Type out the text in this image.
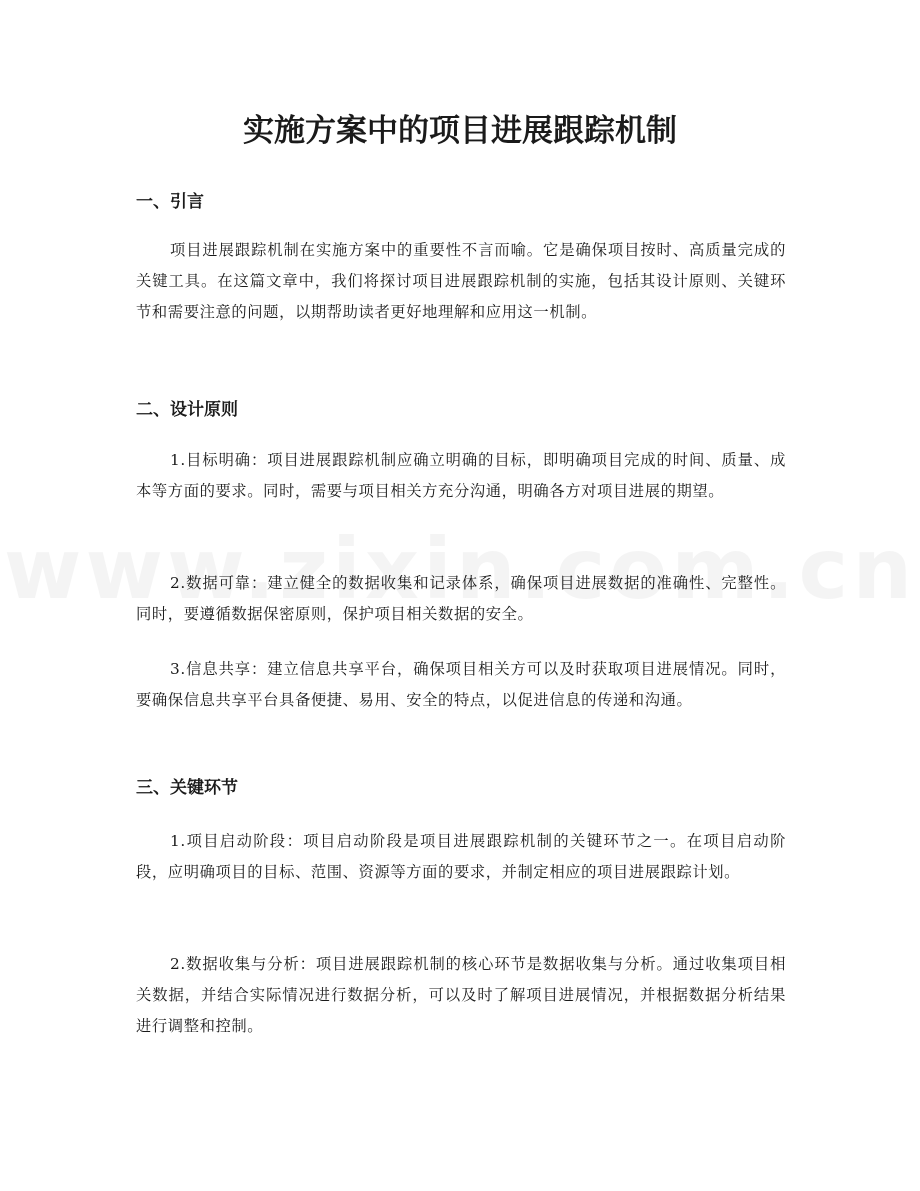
实施方案中的项目进展跟踪机制
一、引言

项目进展跟踪机制在实施方案中的重要性不言而喻。它是确保项目按时、高质量完成的关键工具。在这篇文章中，我们将探讨项目进展跟踪机制的实施，包括其设计原则、关键环节和需要注意的问题，以期帮助读者更好地理解和应用这一机制。

二、设计原则

1.目标明确：项目进展跟踪机制应确立明确的目标，即明确项目完成的时间、质量、成本等方面的要求。同时，需要与项目相关方充分沟通，明确各方对项目进展的期望。

2.数据可靠：建立健全的数据收集和记录体系，确保项目进展数据的准确性、完整性。同时，要遵循数据保密原则，保护项目相关数据的安全。

3.信息共享：建立信息共享平台，确保项目相关方可以及时获取项目进展情况。同时，要确保信息共享平台具备便捷、易用、安全的特点，以促进信息的传递和沟通。

三、关键环节

1.项目启动阶段：项目启动阶段是项目进展跟踪机制的关键环节之一。在项目启动阶段，应明确项目的目标、范围、资源等方面的要求，并制定相应的项目进展跟踪计划。

2.数据收集与分析：项目进展跟踪机制的核心环节是数据收集与分析。通过收集项目相关数据，并结合实际情况进行数据分析，可以及时了解项目进展情况，并根据数据分析结果进行调整和控制。
